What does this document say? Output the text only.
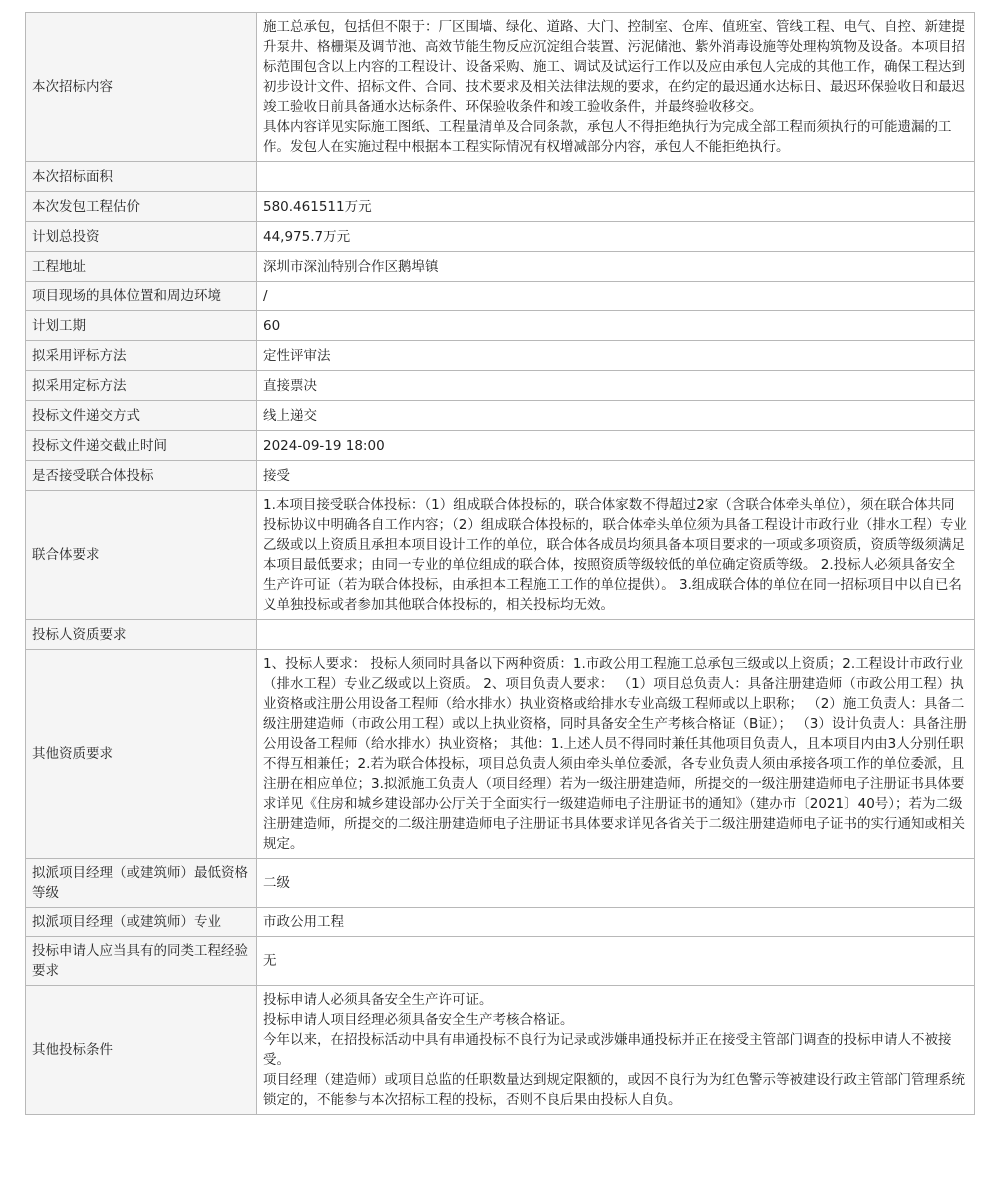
本次招标内容	施工总承包，包括但不限于：厂区围墙、绿化、道路、大门、控制室、仓库、值班室、管线工程、电气、自控、新建提升泵井、格栅渠及调节池、高效节能生物反应沉淀组合装置、污泥储池、紫外消毒设施等处理构筑物及设备。本项目招标范围包含以上内容的工程设计、设备采购、施工、调试及试运行工作以及应由承包人完成的其他工作，确保工程达到初步设计文件、招标文件、合同、技术要求及相关法律法规的要求，在约定的最迟通水达标日、最迟环保验收日和最迟竣工验收日前具备通水达标条件、环保验收条件和竣工验收条件，并最终验收移交。
具体内容详见实际施工图纸、工程量清单及合同条款，承包人不得拒绝执行为完成全部工程而须执行的可能遗漏的工作。发包人在实施过程中根据本工程实际情况有权增减部分内容，承包人不能拒绝执行。

本次招标面积	

本次发包工程估价	580.461511万元

计划总投资	44,975.7万元

工程地址	深圳市深汕特别合作区鹅埠镇

项目现场的具体位置和周边环境	/

计划工期	60

拟采用评标方法	定性评审法

拟采用定标方法	直接票决

投标文件递交方式	线上递交

投标文件递交截止时间	2024-09-19 18:00

是否接受联合体投标	接受

联合体要求	1.本项目接受联合体投标：（1）组成联合体投标的，联合体家数不得超过2家（含联合体牵头单位），须在联合体共同投标协议中明确各自工作内容；（2）组成联合体投标的，联合体牵头单位须为具备工程设计市政行业（排水工程）专业乙级或以上资质且承担本项目设计工作的单位，联合体各成员均须具备本项目要求的一项或多项资质，资质等级须满足本项目最低要求；由同一专业的单位组成的联合体，按照资质等级较低的单位确定资质等级。 2.投标人必须具备安全生产许可证（若为联合体投标，由承担本工程施工工作的单位提供）。 3.组成联合体的单位在同一招标项目中以自已名义单独投标或者参加其他联合体投标的，相关投标均无效。

投标人资质要求	

其他资质要求	1、投标人要求： 投标人须同时具备以下两种资质：1.市政公用工程施工总承包三级或以上资质；2.工程设计市政行业（排水工程）专业乙级或以上资质。 2、项目负责人要求： （1）项目总负责人：具备注册建造师（市政公用工程）执业资格或注册公用设备工程师（给水排水）执业资格或给排水专业高级工程师或以上职称； （2）施工负责人：具备二级注册建造师（市政公用工程）或以上执业资格，同时具备安全生产考核合格证（B证）； （3）设计负责人：具备注册公用设备工程师（给水排水）执业资格； 其他：1.上述人员不得同时兼任其他项目负责人，且本项目内由3人分别任职不得互相兼任；2.若为联合体投标，项目总负责人须由牵头单位委派，各专业负责人须由承接各项工作的单位委派，且注册在相应单位；3.拟派施工负责人（项目经理）若为一级注册建造师，所提交的一级注册建造师电子注册证书具体要求详见《住房和城乡建设部办公厅关于全面实行一级建造师电子注册证书的通知》（建办市〔2021〕40号）；若为二级注册建造师，所提交的二级注册建造师电子注册证书具体要求详见各省关于二级注册建造师电子证书的实行通知或相关规定。

拟派项目经理（或建筑师）最低资格等级	二级

拟派项目经理（或建筑师）专业	市政公用工程

投标申请人应当具有的同类工程经验要求	无

其他投标条件	投标申请人必须具备安全生产许可证。
投标申请人项目经理必须具备安全生产考核合格证。
今年以来，在招投标活动中具有串通投标不良行为记录或涉嫌串通投标并正在接受主管部门调查的投标申请人不被接受。
项目经理（建造师）或项目总监的任职数量达到规定限额的，或因不良行为为红色警示等被建设行政主管部门管理系统锁定的，不能参与本次招标工程的投标，否则不良后果由投标人自负。
